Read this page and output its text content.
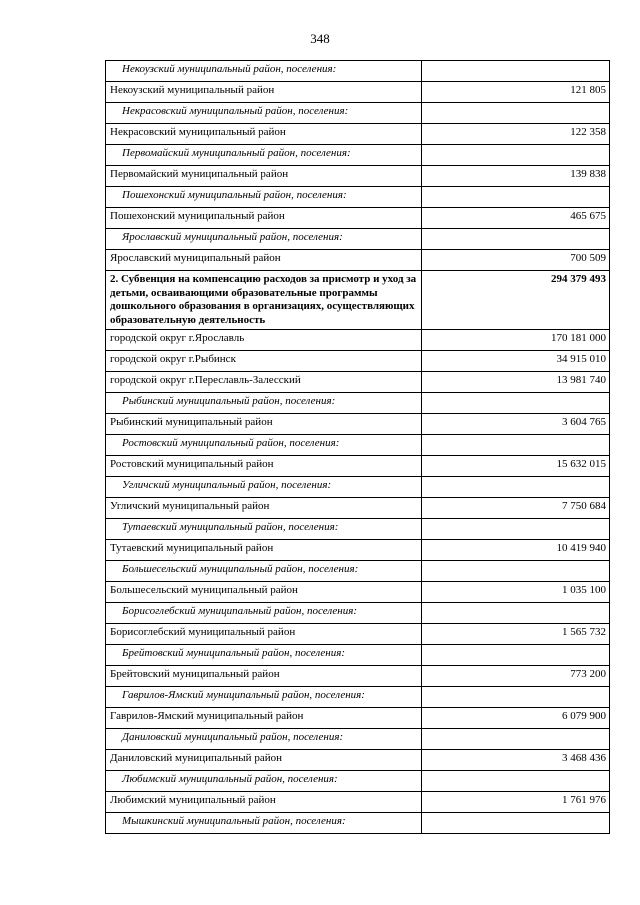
348
Некоузский муниципальный район, поселения:	
Некоузский муниципальный район	121 805
Некрасовский муниципальный район, поселения:	
Некрасовский муниципальный район	122 358
Первомайский муниципальный район, поселения:	
Первомайский муниципальный район	139 838
Пошехонский муниципальный район, поселения:	
Пошехонский муниципальный район	465 675
Ярославский муниципальный район, поселения:	
Ярославский муниципальный район	700 509
2. Субвенция на компенсацию расходов за присмотр и уход за детьми, осваивающими образовательные программы дошкольного образования в организациях, осуществляющих образовательную деятельность	294 379 493
городской округ г.Ярославль	170 181 000
городской округ г.Рыбинск	34 915 010
городской округ г.Переславль-Залесский	13 981 740
Рыбинский муниципальный район, поселения:	
Рыбинский муниципальный район	3 604 765
Ростовский муниципальный район, поселения:	
Ростовский муниципальный район	15 632 015
Угличский муниципальный район, поселения:	
Угличский муниципальный район	7 750 684
Тутаевский муниципальный район, поселения:	
Тутаевский муниципальный район	10 419 940
Большесельский муниципальный район, поселения:	
Большесельский муниципальный район	1 035 100
Борисоглебский муниципальный район, поселения:	
Борисоглебский муниципальный район	1 565 732
Брейтовский муниципальный район, поселения:	
Брейтовский муниципальный район	773 200
Гаврилов-Ямский муниципальный район, поселения:	
Гаврилов-Ямский муниципальный район	6 079 900
Даниловский муниципальный район, поселения:	
Даниловский муниципальный район	3 468 436
Любимский муниципальный район, поселения:	
Любимский муниципальный район	1 761 976
Мышкинский муниципальный район, поселения:	
